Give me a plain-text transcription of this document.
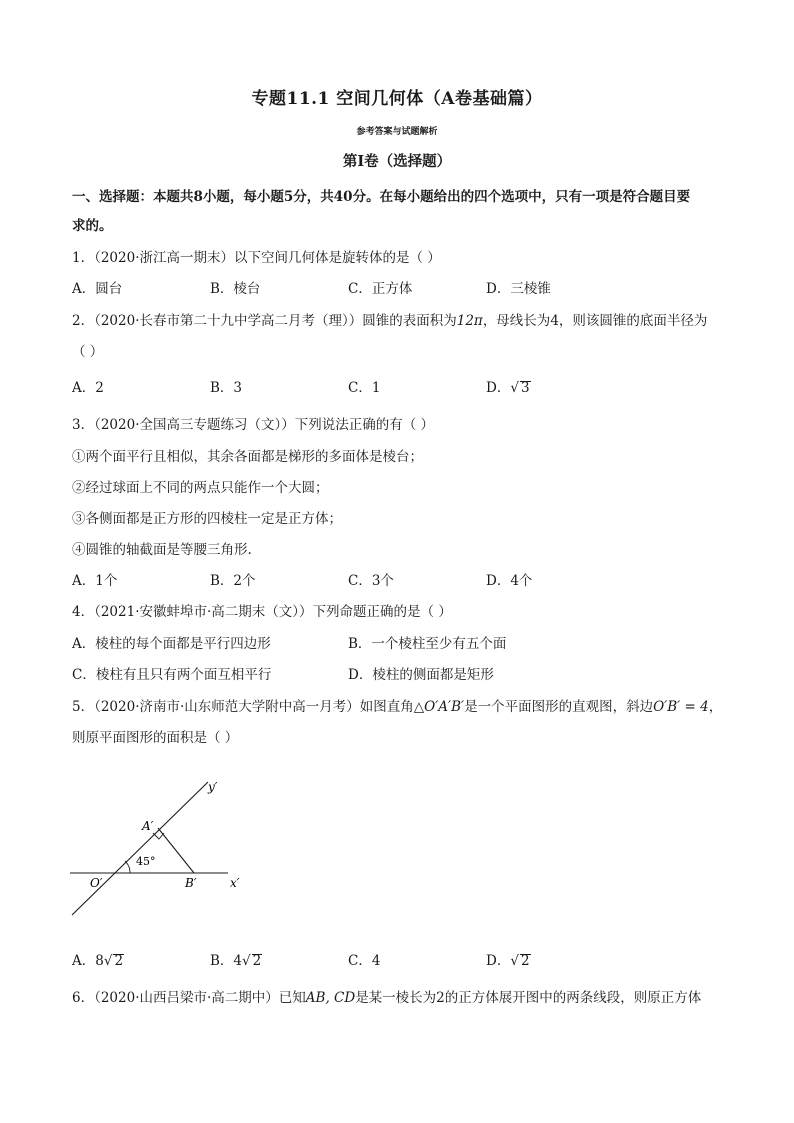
专题11.1 空间几何体（A卷基础篇）
参考答案与试题解析
第Ⅰ卷（选择题）
一、选择题：本题共8小题，每小题5分，共40分。在每小题给出的四个选项中，只有一项是符合题目要
求的。
1．（2020·浙江高一期末）以下空间几何体是旋转体的是（ ）
A．圆台	B．棱台	C．正方体	D．三棱锥
2．（2020·长春市第二十九中学高二月考（理））圆锥的表面积为12π，母线长为4，则该圆锥的底面半径为
（ ）
A．2	B．3	C．1	D．√ 3
3．（2020·全国高三专题练习（文））下列说法正确的有（ ）
①两个面平行且相似，其余各面都是梯形的多面体是棱台；
②经过球面上不同的两点只能作一个大圆；
③各侧面都是正方形的四棱柱一定是正方体；
④圆锥的轴截面是等腰三角形.
A．1个	B．2个	C．3个	D．4个
4．（2021·安徽蚌埠市·高二期末（文））下列命题正确的是（ ）
A．棱柱的每个面都是平行四边形	B．一个棱柱至少有五个面
C．棱柱有且只有两个面互相平行	D．棱柱的侧面都是矩形
5．（2020·济南市·山东师范大学附中高一月考）如图直角△O′A′B′是一个平面图形的直观图，斜边O′B′ = 4，
则原平面图形的面积是（ ）
y′
x′
O′
A′
B′
45°
A．8√ 2	B．4√ 2	C．4	D．√ 2
6．（2020·山西吕梁市·高二期中）已知AB, CD是某一棱长为2的正方体展开图中的两条线段，则原正方体
